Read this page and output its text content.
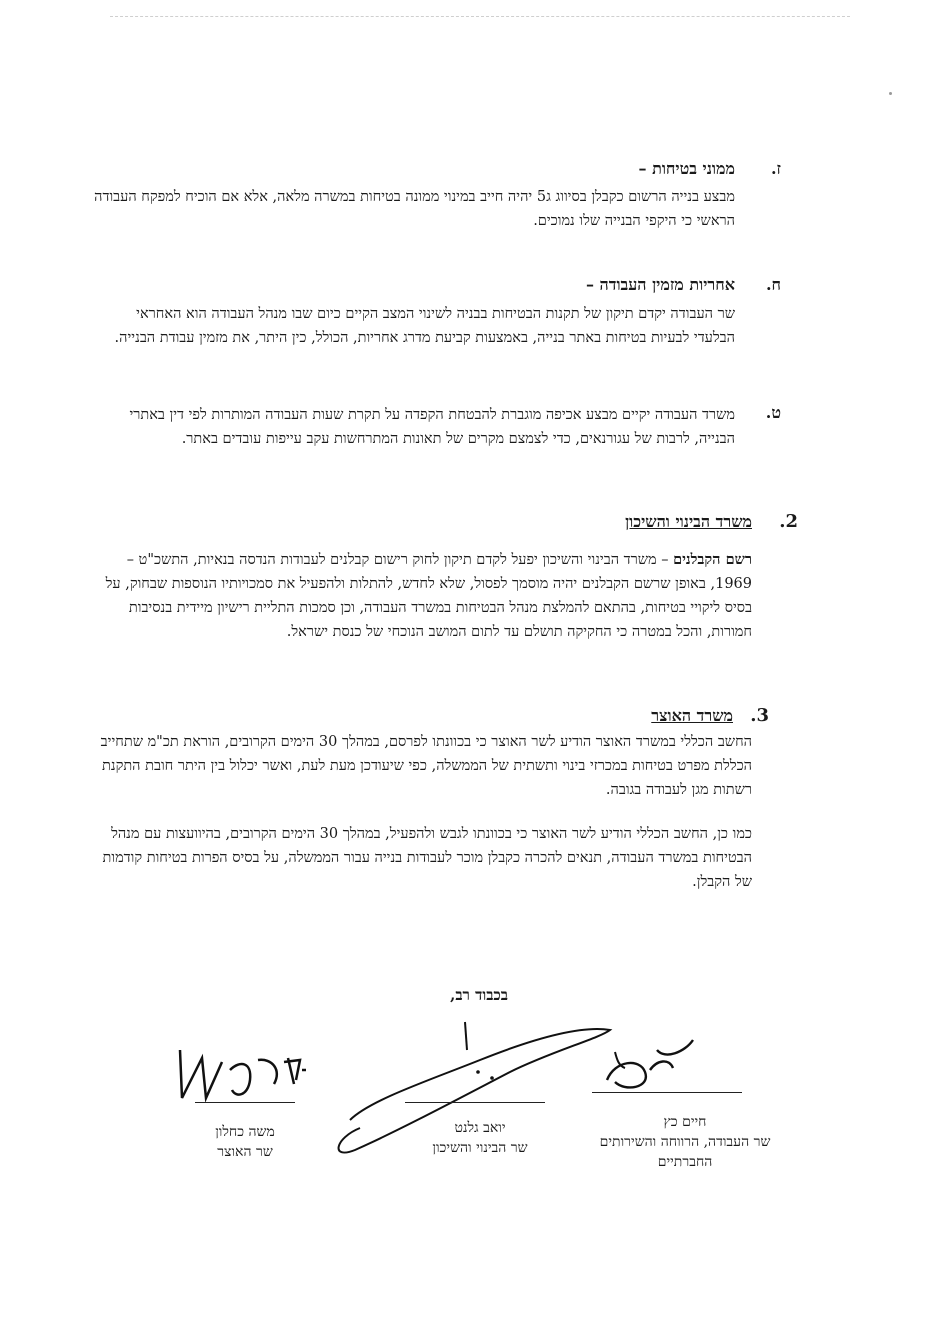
ז.
ממוני בטיחות –

מבצע בנייה הרשום כקבלן בסיווג ג5 יהיה חייב במינוי ממונה בטיחות במשרה מלאה, אלא אם הוכיח למפקח העבודה הראשי כי היקפי הבנייה שלו נמוכים.

ח.
אחריות מזמין העבודה –

שר העבודה יקדם תיקון של תקנות הבטיחות בבניה לשינוי המצב הקיים כיום שבו מנהל העבודה הוא האחראי הבלעדי לבעיות בטיחות באתר בנייה, באמצעות קביעת מדרג אחריות, הכולל, כין היתר, את מזמין עבודת הבנייה.

ט.

משרד העבודה יקיים מבצע אכיפה מוגברת להבטחת הקפדה על תקרת שעות העבודה המותרות לפי דין באתרי הבנייה, לרבות של עגורנאים, כדי לצמצם מקרים של תאונות המתרחשות עקב עייפות עובדים באתר.

2.
משרד הבינוי והשיכון

רשם הקבלנים – משרד הבינוי והשיכון יפעל לקדם תיקון לחוק רישום קבלנים לעבודות הנדסה בנאיות, התשכ"ט – 1969, באופן שרשם הקבלנים יהיה מוסמך לפסול, שלא לחדש, להתלות ולהפעיל את סמכויותיו הנוספות שבחוק, על בסיס ליקויי בטיחות, בהתאם להמלצת מנהל הבטיחות במשרד העבודה, וכן סמכות התליית רישיון מיידית בנסיבות חמורות, והכל במטרה כי החקיקה תושלם עד לתום המושב הנוכחי של כנסת ישראל.

3.
משרד האוצר

החשב הכללי במשרד האוצר הודיע לשר האוצר כי בכוונתו לפרסם, במהלך 30 הימים הקרובים, הוראת תכ"מ שתחייב הכללת מפרט בטיחות במכרזי בינוי ותשתית של הממשלה, כפי שיעודכן מעת לעת, ואשר יכלול בין היתר חובת התקנת רשתות מגן לעבודה בגובה.

כמו כן, החשב הכללי הודיע לשר האוצר כי בכוונתו לגבש ולהפעיל, במהלך 30 הימים הקרובים, בהיוועצות עם מנהל הבטיחות במשרד העבודה, תנאים להכרה כקבלן מוכר לעבודות בנייה עבור הממשלה, על בסיס הפרות בטיחות קודמות של הקבלן.

בכבוד רב,
חיים כץ
שר העבודה, הרווחה והשירותים החברתיים
יואב גלנט
שר הבינוי והשיכון
משה כחלון
שר האוצר
